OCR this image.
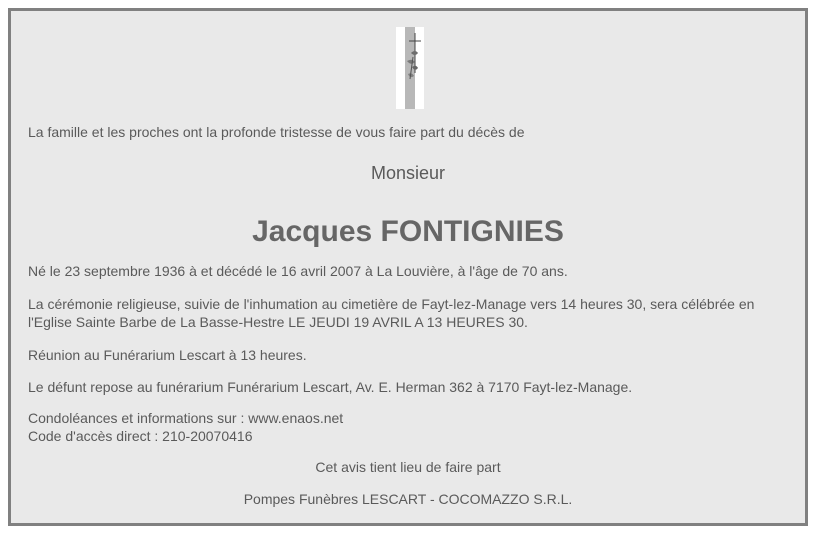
La famille et les proches ont la profonde tristesse de vous faire part du décès de
Monsieur
Jacques FONTIGNIES
Né le 23 septembre 1936 à et décédé le 16 avril 2007 à La Louvière, à l'âge de 70 ans.
La cérémonie religieuse, suivie de l'inhumation au cimetière de Fayt-lez-Manage vers 14 heures 30, sera célébrée en
l'Eglise Sainte Barbe de La Basse-Hestre LE JEUDI 19 AVRIL A 13 HEURES 30.
Réunion au Funérarium Lescart à 13 heures.
Le défunt repose au funérarium Funérarium Lescart, Av. E. Herman 362 à 7170 Fayt-lez-Manage.
Condoléances et informations sur : www.enaos.net
Code d'accès direct : 210-20070416
Cet avis tient lieu de faire part
Pompes Funèbres LESCART - COCOMAZZO S.R.L.
